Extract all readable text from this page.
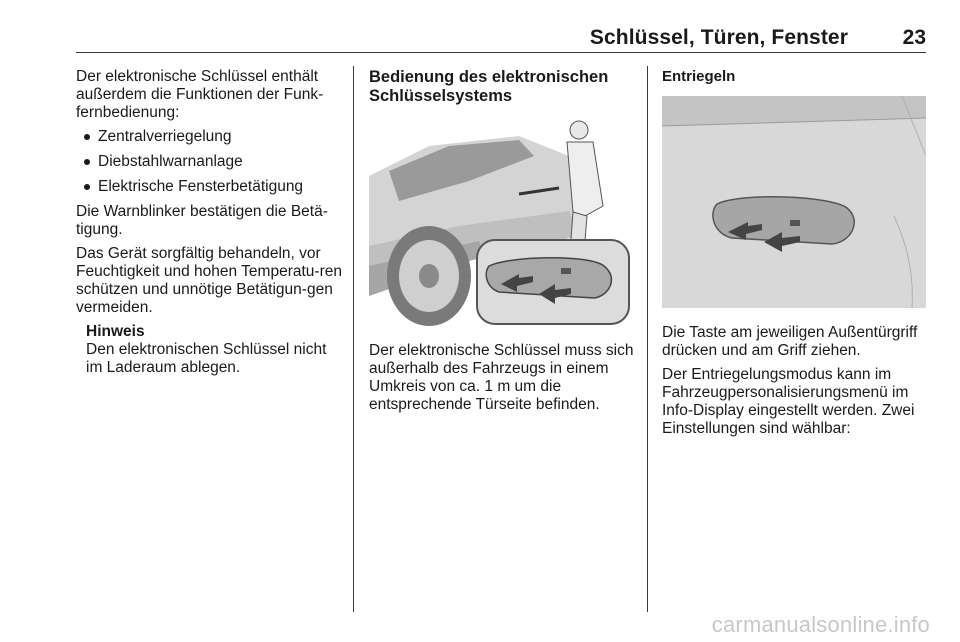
Schlüssel, Türen, Fenster	23

Der elektronische Schlüssel enthält außerdem die Funktionen der Funk-fernbedienung:

Zentralverriegelung
Diebstahlwarnanlage
Elektrische Fensterbetätigung

Die Warnblinker bestätigen die Betä-tigung.

Das Gerät sorgfältig behandeln, vor Feuchtigkeit und hohen Temperatu-ren schützen und unnötige Betätigun-gen vermeiden.

Hinweis
Den elektronischen Schlüssel nicht im Laderaum ablegen.
Bedienung des elektronischen Schlüsselsystems

Der elektronische Schlüssel muss sich außerhalb des Fahrzeugs in einem Umkreis von ca. 1 m um die entsprechende Türseite befinden.

Entriegeln

Die Taste am jeweiligen Außentürgriff drücken und am Griff ziehen.

Der Entriegelungsmodus kann im Fahrzeugpersonalisierungsmenü im Info-Display eingestellt werden. Zwei Einstellungen sind wählbar:

carmanualsonline.info
